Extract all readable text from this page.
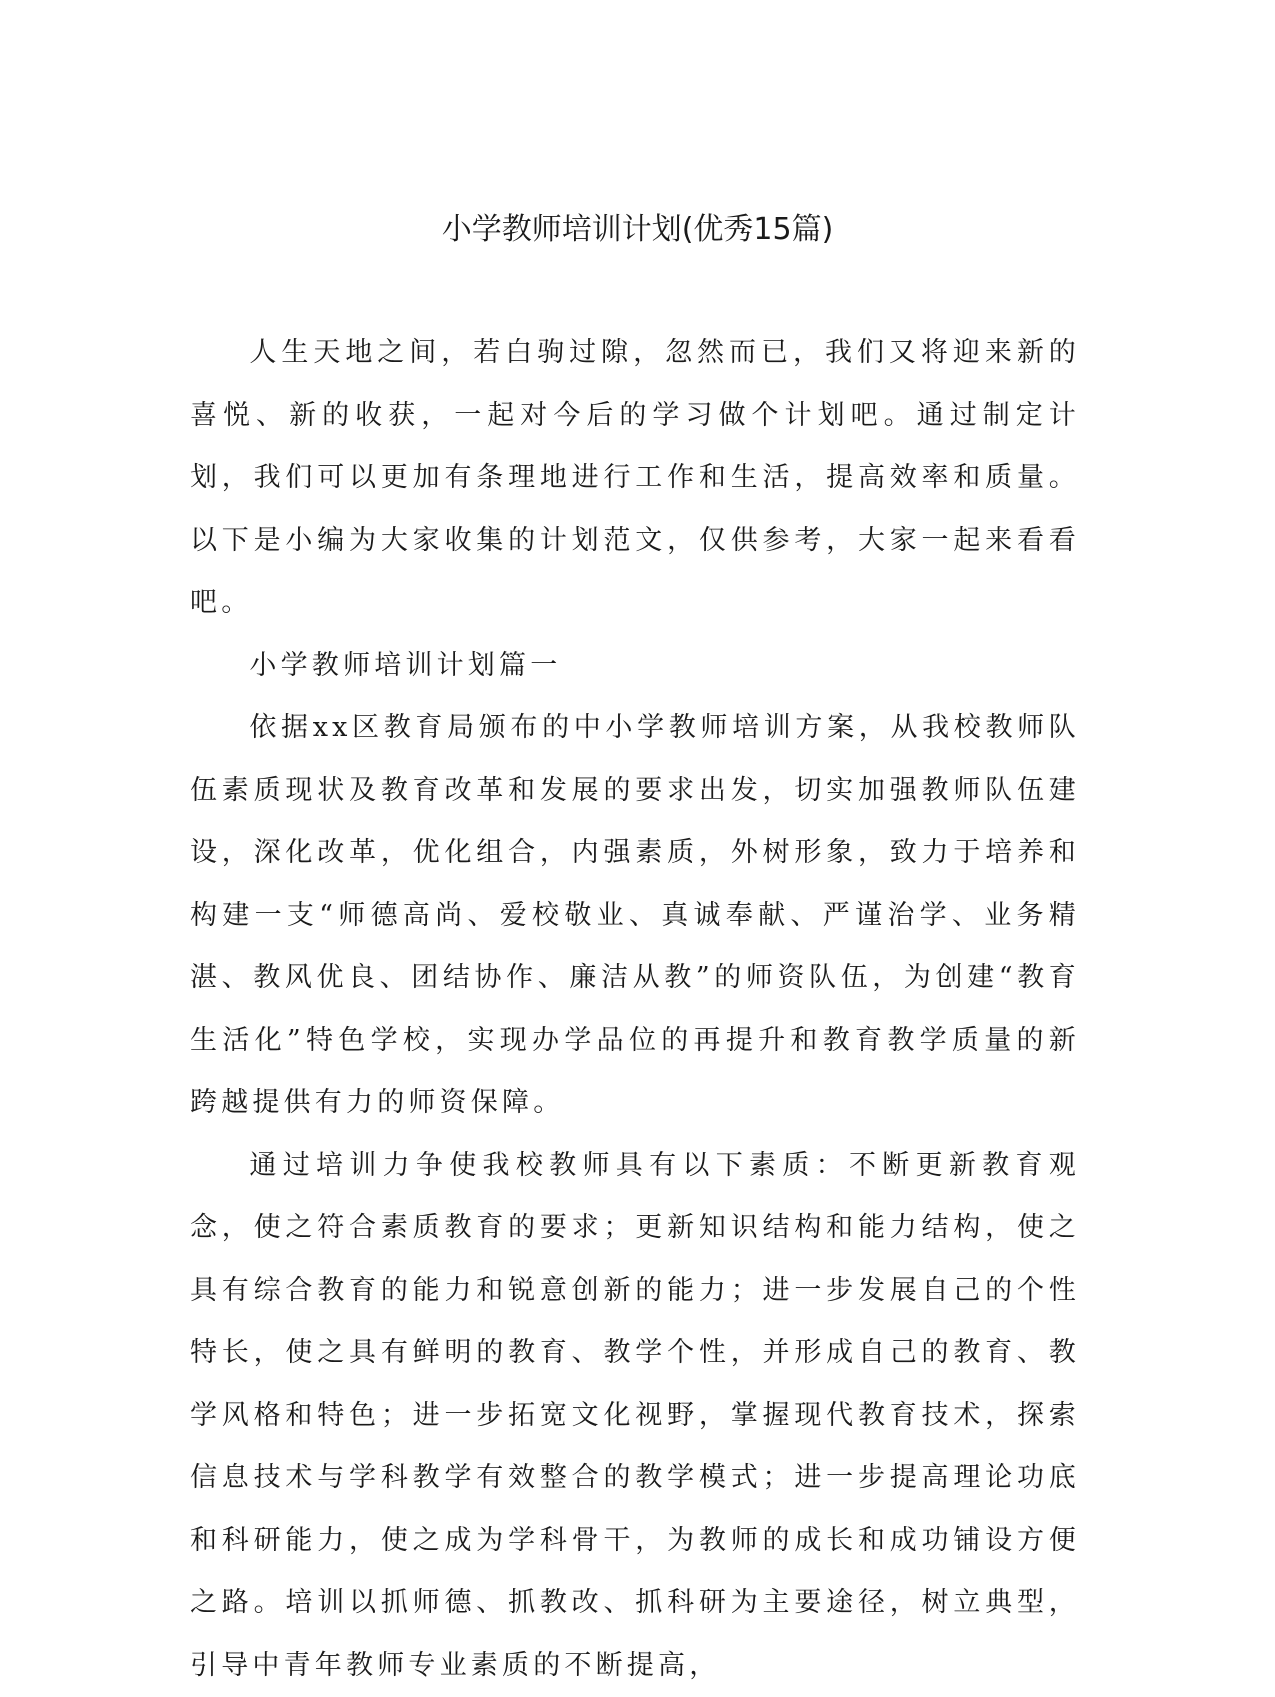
小学教师培训计划(优秀15篇)

人生天地之间，若白驹过隙，忽然而已，我们又将迎来新的喜悦、新的收获，一起对今后的学习做个计划吧。通过制定计划，我们可以更加有条理地进行工作和生活，提高效率和质量。以下是小编为大家收集的计划范文，仅供参考，大家一起来看看吧。

小学教师培训计划篇一

依据xx区教育局颁布的中小学教师培训方案，从我校教师队伍素质现状及教育改革和发展的要求出发，切实加强教师队伍建设，深化改革，优化组合，内强素质，外树形象，致力于培养和构建一支“师德高尚、爱校敬业、真诚奉献、严谨治学、业务精湛、教风优良、团结协作、廉洁从教”的师资队伍，为创建“教育生活化”特色学校，实现办学品位的再提升和教育教学质量的新跨越提供有力的师资保障。

通过培训力争使我校教师具有以下素质：不断更新教育观念，使之符合素质教育的要求；更新知识结构和能力结构，使之具有综合教育的能力和锐意创新的能力；进一步发展自己的个性特长，使之具有鲜明的教育、教学个性，并形成自己的教育、教学风格和特色；进一步拓宽文化视野，掌握现代教育技术，探索信息技术与学科教学有效整合的教学模式；进一步提高理论功底和科研能力，使之成为学科骨干，为教师的成长和成功铺设方便之路。培训以抓师德、抓教改、抓科研为主要途径，树立典型，引导中青年教师专业素质的不断提高，
